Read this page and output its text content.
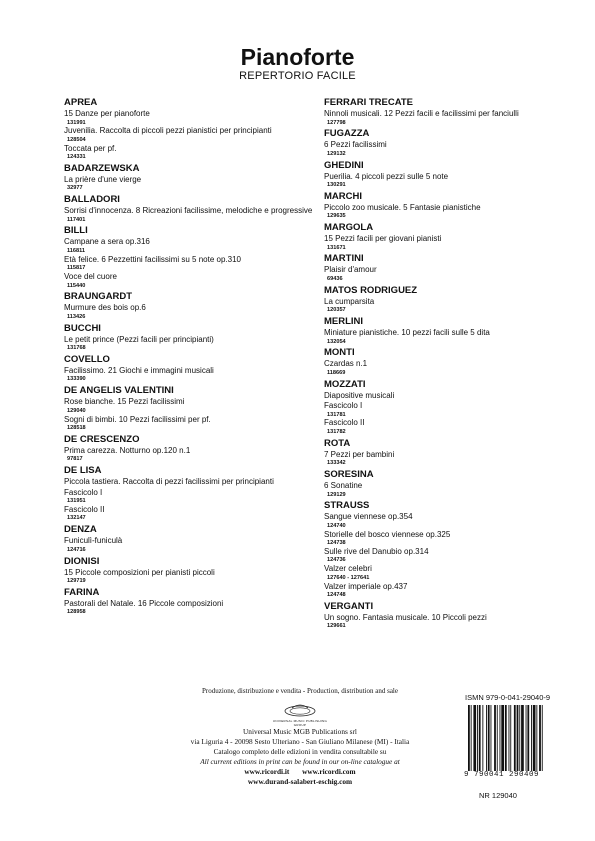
Pianoforte
REPERTORIO FACILE
APREA
15 Danze per pianoforte
131991
Juvenilia. Raccolta di piccoli pezzi pianistici per principianti
128504
Toccata per pf.
124331
BADARZEWSKA
La prière d'une vierge
32977
BALLADORI
Sorrisi d'innocenza. 8 Ricreazioni facilissime, melodiche e progressive
117401
BILLI
Campane a sera op.316
116811
Età felice. 6 Pezzettini facilissimi su 5 note op.310
115817
Voce del cuore
115440
BRAUNGARDT
Murmure des bois op.6
113426
BUCCHI
Le petit prince (Pezzi facili per principianti)
131768
COVELLO
Facilissimo. 21 Giochi e immagini musicali
133390
DE ANGELIS VALENTINI
Rose bianche. 15 Pezzi facilissimi
129040
Sogni di bimbi. 10 Pezzi facilissimi per pf.
128518
DE CRESCENZO
Prima carezza. Notturno op.120 n.1
97817
DE LISA
Piccola tastiera. Raccolta di pezzi facilissimi per principianti
Fascicolo I
131951
Fascicolo II
132147
DENZA
Funiculì-funiculà
124716
DIONISI
15 Piccole composizioni per pianisti piccoli
129719
FARINA
Pastorali del Natale. 16 Piccole composizioni
128958
FERRARI TRECATE
Ninnoli musicali. 12 Pezzi facili e facilissimi per fanciulli
127798
FUGAZZA
6 Pezzi facilissimi
129132
GHEDINI
Puerilia. 4 piccoli pezzi sulle 5 note
130291
MARCHI
Piccolo zoo musicale. 5 Fantasie pianistiche
129635
MARGOLA
15 Pezzi facili per giovani pianisti
131671
MARTINI
Plaisir d'amour
69436
MATOS RODRIGUEZ
La cumparsita
120357
MERLINI
Miniature pianistiche. 10 pezzi facili sulle 5 dita
132054
MONTI
Czardas n.1
118669
MOZZATI
Diapositive musicali
Fascicolo I
131781
Fascicolo II
131782
ROTA
7 Pezzi per bambini
133342
SORESINA
6 Sonatine
129129
STRAUSS
Sangue viennese op.354
124740
Storielle del bosco viennese op.325
124738
Sulle rive del Danubio op.314
124736
Valzer celebri
127640 - 127641
Valzer imperiale op.437
124748
VERGANTI
Un sogno. Fantasia musicale. 10 Piccoli pezzi
129661
Produzione, distribuzione e vendita - Production, distribution and sale
UNIVERSAL MUSIC PUBLISHING GROUP
Universal Music MGB Publications srl
via Liguria 4 - 20098 Sesto Ulteriano - San Giuliano Milanese (MI) - Italia
Catalogo completo delle edizioni in vendita consultabile su
All current editions in print can be found in our on-line catalogue at
www.ricordi.it www.ricordi.com
www.durand-salabert-eschig.com
ISMN 979-0-041-29040-9
9 790041 290409
NR 129040
